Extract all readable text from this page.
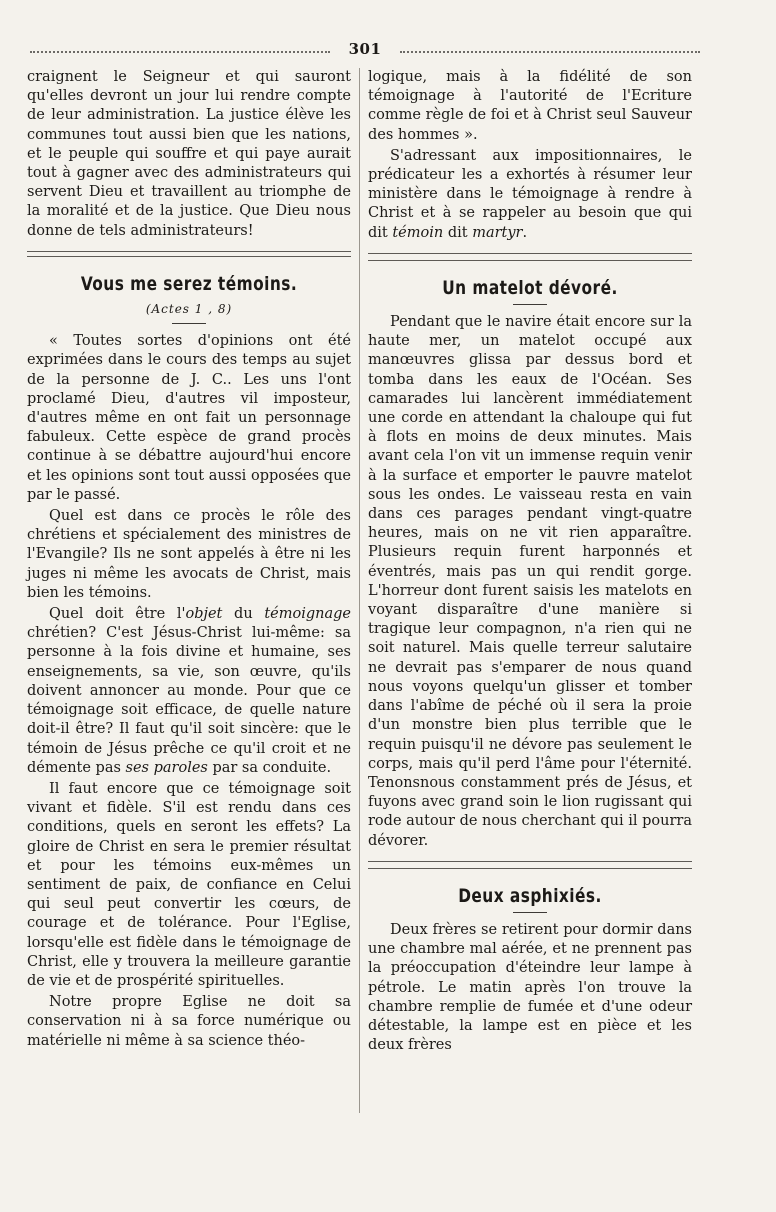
301

craignent le Seigneur et qui sauront qu'elles devront un jour lui rendre compte de leur administration. La justice élève les communes tout aussi bien que les nations, et le peuple qui souffre et qui paye aurait tout à gagner avec des administrateurs qui servent Dieu et travaillent au triomphe de la moralité et de la justice. Que Dieu nous donne de tels administrateurs!

Vous me serez témoins.
(Actes 1 , 8)

« Toutes sortes d'opinions ont été exprimées dans le cours des temps au sujet de la personne de J. C.. Les uns l'ont proclamé Dieu, d'autres vil imposteur, d'autres même en ont fait un personnage fabuleux. Cette espèce de grand procès continue à se débattre aujourd'hui encore et les opinions sont tout aussi opposées que par le passé.

Quel est dans ce procès le rôle des chrétiens et spécialement des ministres de l'Evangile? Ils ne sont appelés à être ni les juges ni même les avocats de Christ, mais bien les témoins.

Quel doit être l'objet du témoignage chrétien? C'est Jésus-Christ lui-même: sa personne à la fois divine et humaine, ses enseignements, sa vie, son œuvre, qu'ils doivent annoncer au monde. Pour que ce témoignage soit efficace, de quelle nature doit-il être? Il faut qu'il soit sincère: que le témoin de Jésus prêche ce qu'il croit et ne démente pas ses paroles par sa conduite.

Il faut encore que ce témoignage soit vivant et fidèle. S'il est rendu dans ces conditions, quels en seront les effets? La gloire de Christ en sera le premier résultat et pour les témoins eux-mêmes un sentiment de paix, de confiance en Celui qui seul peut convertir les cœurs, de courage et de tolérance. Pour l'Eglise, lorsqu'elle est fidèle dans le témoignage de Christ, elle y trouvera la meilleure garantie de vie et de prospérité spirituelles.

Notre propre Eglise ne doit sa conservation ni à sa force numérique ou matérielle ni même à sa science théo-

logique, mais à la fidélité de son témoignage à l'autorité de l'Ecriture comme règle de foi et à Christ seul Sauveur des hommes ».

S'adressant aux impositionnaires, le prédicateur les a exhortés à résumer leur ministère dans le témoignage à rendre à Christ et à se rappeler au besoin que qui dit témoin dit martyr.

Un matelot dévoré.

Pendant que le navire était encore sur la haute mer, un matelot occupé aux manœuvres glissa par dessus bord et tomba dans les eaux de l'Océan. Ses camarades lui lancèrent immédiatement une corde en attendant la chaloupe qui fut à flots en moins de deux minutes. Mais avant cela l'on vit un immense requin venir à la surface et emporter le pauvre matelot sous les ondes. Le vaisseau resta en vain dans ces parages pendant vingt-quatre heures, mais on ne vit rien apparaître. Plusieurs requin furent harponnés et éventrés, mais pas un qui rendit gorge. L'horreur dont furent saisis les matelots en voyant disparaître d'une manière si tragique leur compagnon, n'a rien qui ne soit naturel. Mais quelle terreur salutaire ne devrait pas s'emparer de nous quand nous voyons quelqu'un glisser et tomber dans l'abîme de péché où il sera la proie d'un monstre bien plus terrible que le requin puisqu'il ne dévore pas seulement le corps, mais qu'il perd l'âme pour l'éternité. Tenonsnous constamment prés de Jésus, et fuyons avec grand soin le lion rugissant qui rode autour de nous cherchant qui il pourra dévorer.

Deux asphixiés.

Deux frères se retirent pour dormir dans une chambre mal aérée, et ne prennent pas la préoccupation d'éteindre leur lampe à pétrole. Le matin après l'on trouve la chambre remplie de fumée et d'une odeur détestable, la lampe est en pièce et les deux frères
